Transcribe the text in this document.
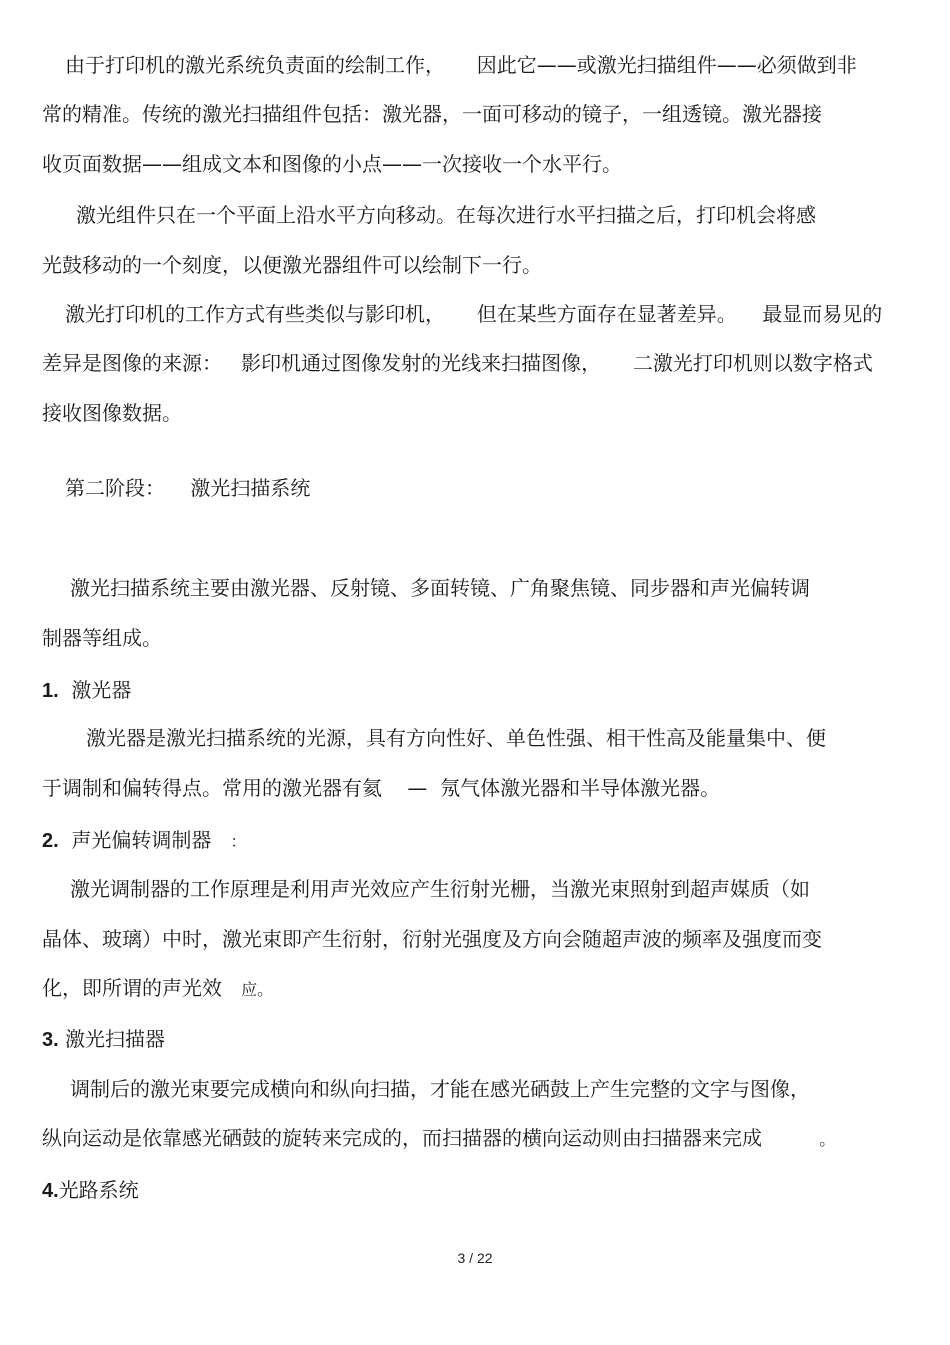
由于打印机的激光系统负责面的绘制工作，     因此它——或激光扫描组件——必须做到非

常的精准。传统的激光扫描组件包括：激光器，一面可移动的镜子，一组透镜。激光器接

收页面数据——组成文本和图像的小点——一次接收一个水平行。

激光组件只在一个平面上沿水平方向移动。在每次进行水平扫描之后，打印机会将感

光鼓移动的一个刻度，以便激光器组件可以绘制下一行。

激光打印机的工作方式有些类似与影印机，     但在某些方面存在显著差异。    最显而易见的

差异是图像的来源：   影印机通过图像发射的光线来扫描图像，     二激光打印机则以数字格式

接收图像数据。

第二阶段：    激光扫描系统

激光扫描系统主要由激光器、反射镜、多面转镜、广角聚焦镜、同步器和声光偏转调

制器等组成。

1. 激光器

激光器是激光扫描系统的光源，具有方向性好、单色性强、相干性高及能量集中、便

于调制和偏转得点。常用的激光器有氦    —  氖气体激光器和半导体激光器。

2. 声光偏转调制器 ：

激光调制器的工作原理是利用声光效应产生衍射光栅，当激光束照射到超声媒质（如

晶体、玻璃）中时，激光束即产生衍射，衍射光强度及方向会随超声波的频率及强度而变

化，即所谓的声光效 应。

3. 激光扫描器

调制后的激光束要完成横向和纵向扫描，才能在感光硒鼓上产生完整的文字与图像，

纵向运动是依靠感光硒鼓的旋转来完成的，而扫描器的横向运动则由扫描器来完成	。

4.光路系统

3 / 22
